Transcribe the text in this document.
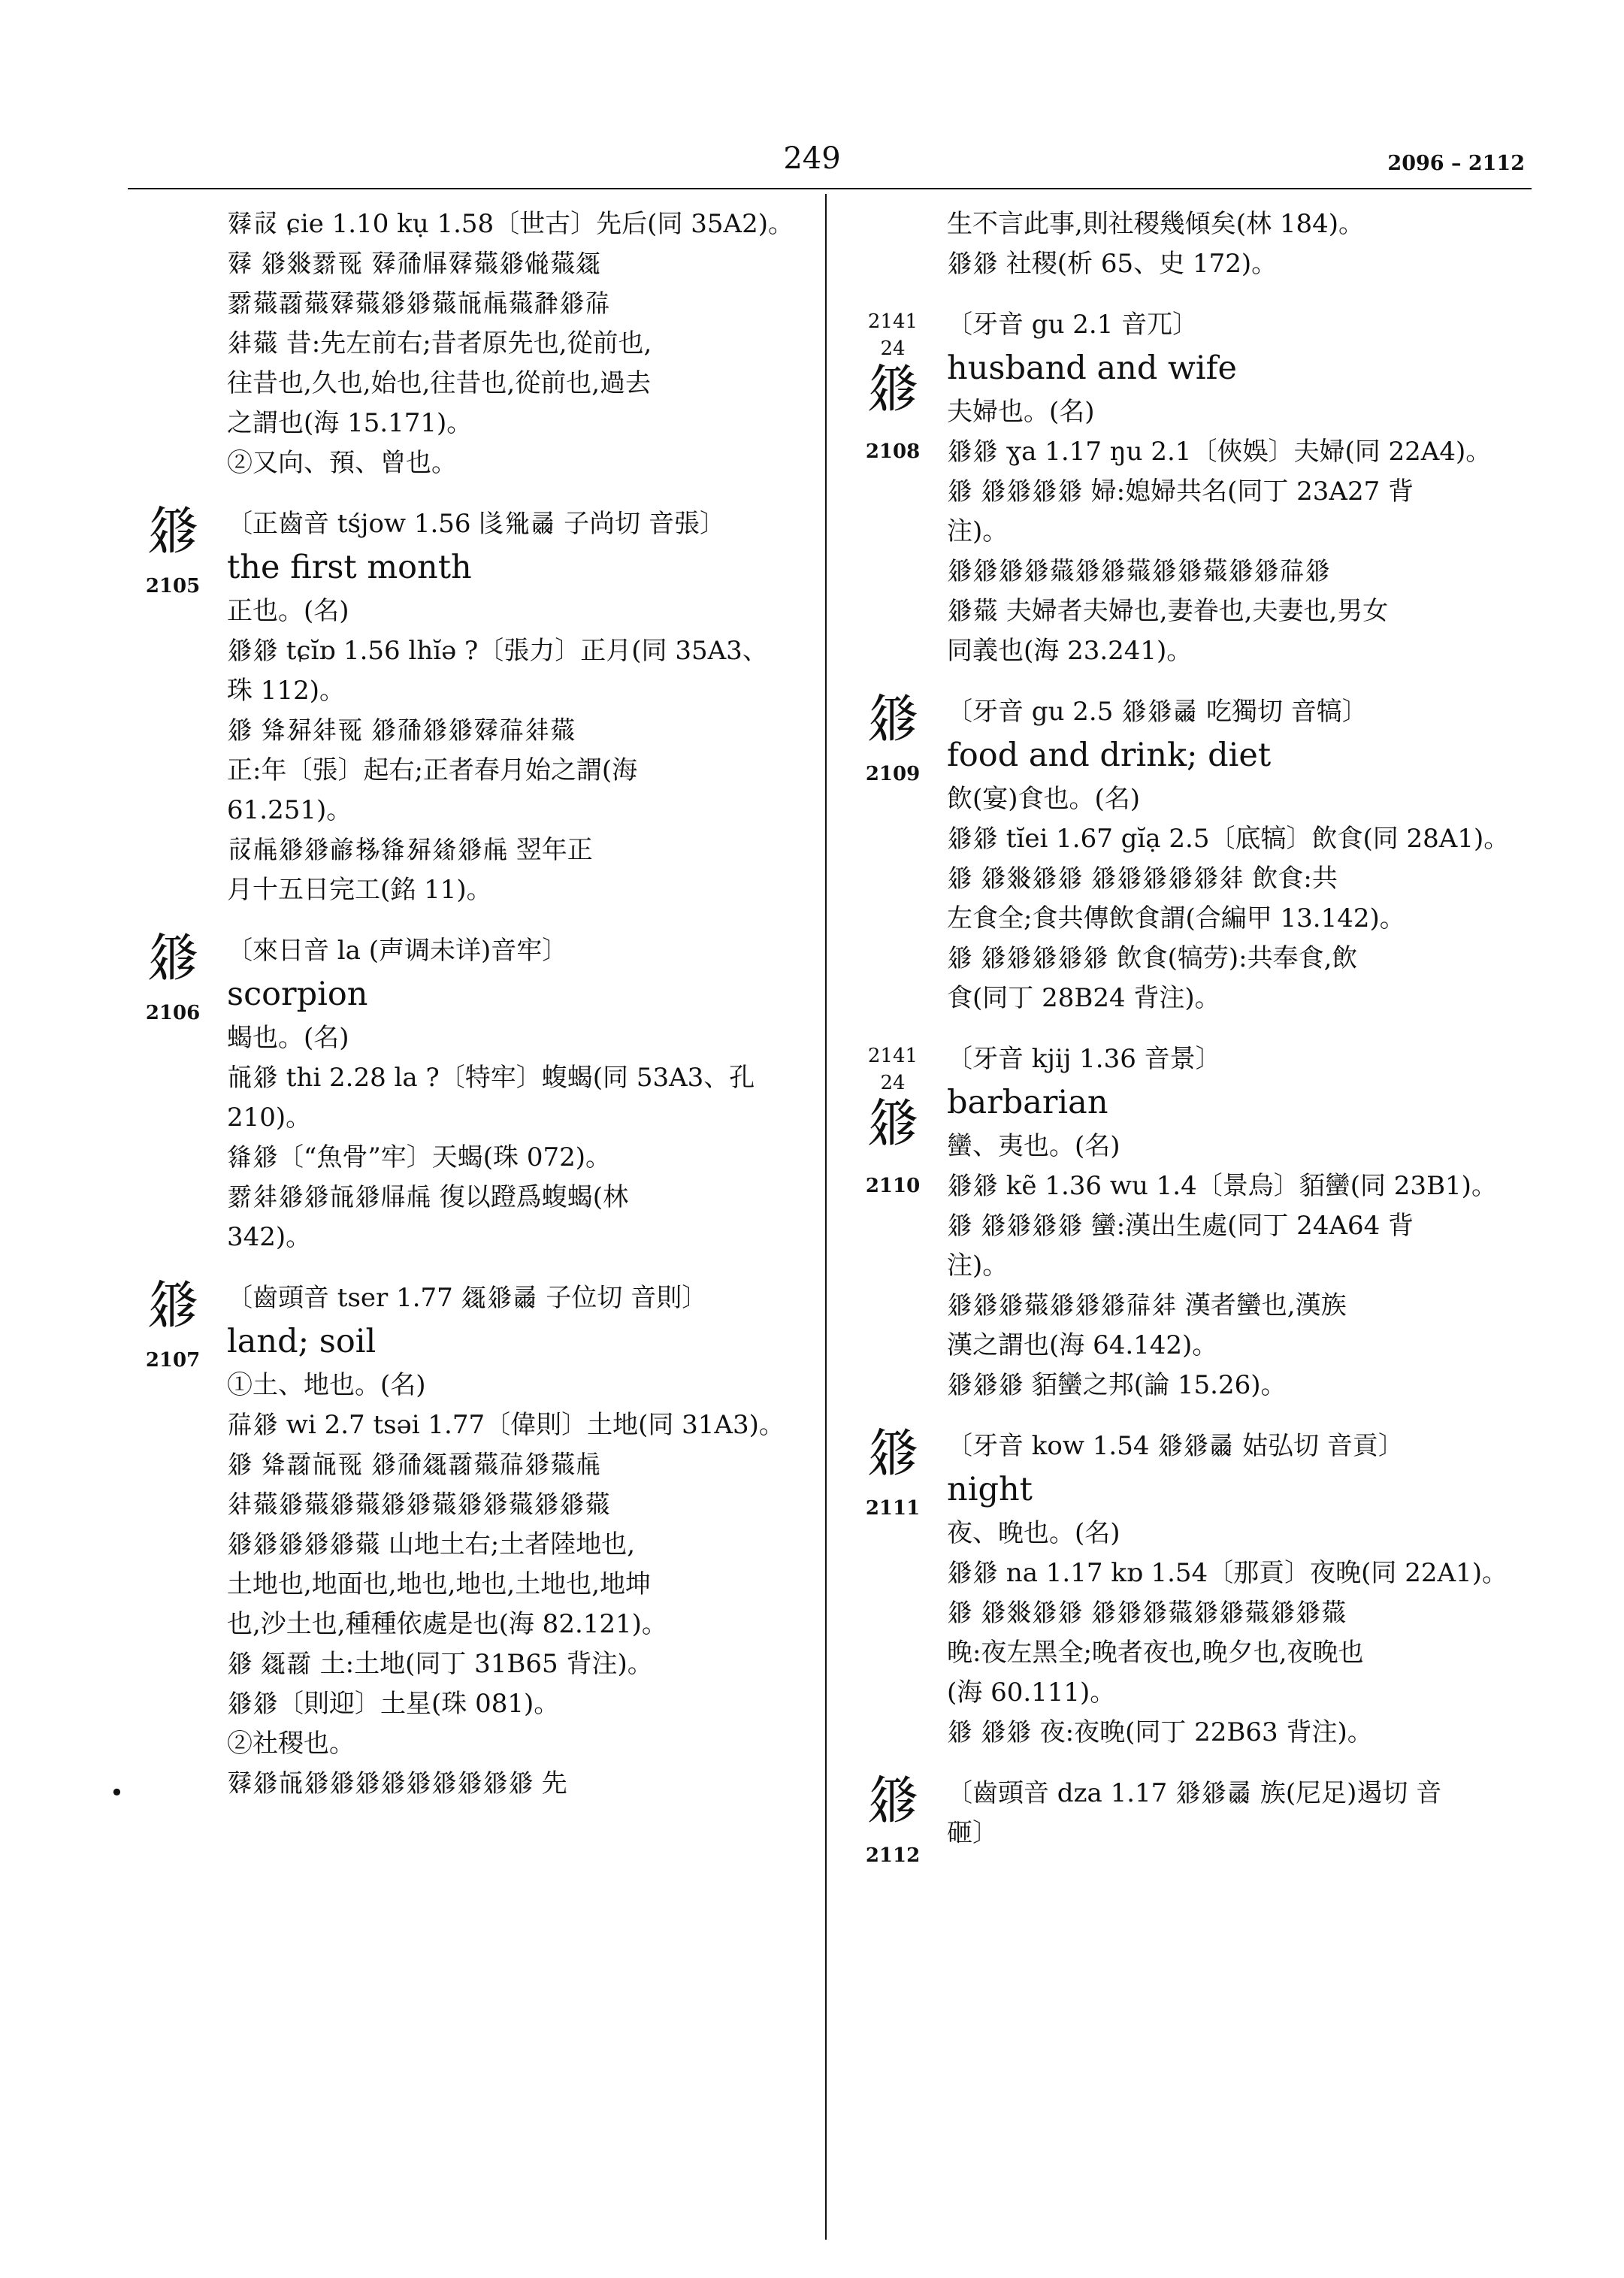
249	2096 – 2112
𗸯𗙮 ɕie 1.10 kụ 1.58〔世古〕先后(同 35A2)。
𗸯 𗤁𗾟𗴿𗀔 𗸯𗗙𗅁𗸯𗜓𗤁𗃡𗜓𗧯
𗴿𗜓𗵆𗜓𗸯𗜓𗤁𗤁𗜓𗭍𗍫𗜓𗴂𗤁𗗚
𗢳𗜓 昔:先左前右;昔者原先也,從前也,
往昔也,久也,始也,往昔也,從前也,過去
之謂也(海 15.171)。
②又向、預、曾也。
𗤁
2105
〔正齒音 tśjow 1.56 𗁅𗊴𗰭 子尚切 音張〕
the first month
正也。(名)
𗤁𗤁 tɕĭɒ 1.56 lhĭə ?〔張力〕正月(同 35A3、
珠 112)。
𗤁 𗊲𗉘𗢳𗀔 𗤁𗗙𗤁𗤁𗸯𗗚𗢳𗜓
正:年〔張〕起右;正者春月始之謂(海
61.251)。
𗙮𗍫𗤁𗤁𗑗𗈪𗌭𗉘𗦳𗤁𗍫 翌年正
月十五日完工(銘 11)。
𗤁
2106
〔來日音 la (声调未详)音牢〕
scorpion
蝎也。(名)
𗭍𗤁 thi 2.28 la ?〔特牢〕蝮蝎(同 53A3、孔
210)。
𗌭𗤁〔“魚骨”牢〕天蝎(珠 072)。
𗴿𗢳𗤁𗤁𗭍𗤁𗅁𗍫 復以蹬爲蝮蝎(林
342)。
𗤁
2107
〔齒頭音 tser 1.77 𗧯𗤁𗰭 子位切 音則〕
land; soil
①土、地也。(名)
𗗚𗤁 wi 2.7 tsəi 1.77〔偉則〕土地(同 31A3)。
𗤁 𗊲𗵆𗭍𗀔 𗤁𗗙𗧯𗵆𗜓𗗚𗤁𗜓𗍫
𗢳𗜓𗤁𗜓𗤁𗜓𗤁𗤁𗜓𗤁𗤁𗜓𗤁𗤁𗜓
𗤁𗤁𗤁𗤁𗤁𗜓 山地土右;土者陸地也,
土地也,地面也,地也,地也,土地也,地坤
也,沙土也,種種依處是也(海 82.121)。
𗤁 𗧯𗵆 土:土地(同丁 31B65 背注)。
𗤁𗤁〔則迎〕土星(珠 081)。
②社稷也。
•	𗸯𗤁𗭍𗤁𗤁𗤁𗤁𗤁𗤁𗤁𗤁𗤁 先
生不言此事,則社稷幾傾矣(林 184)。
𗤁𗤁 社稷(析 65、史 172)。
2141
24
𗤁
2108
〔牙音 gu 2.1 音兀〕
husband and wife
夫婦也。(名)
𗤁𗤁 ɣa 1.17 ŋu 2.1〔俠娛〕夫婦(同 22A4)。
𗤁 𗤁𗤁𗤁𗤁 婦:媳婦共名(同丁 23A27 背
注)。
𗤁𗤁𗤁𗤁𗜓𗤁𗤁𗜓𗤁𗤁𗜓𗤁𗤁𗗚𗤁
𗤁𗜓 夫婦者夫婦也,妻眷也,夫妻也,男女
同義也(海 23.241)。
𗤁
2109
〔牙音 gu 2.5 𗤁𗤁𗰭 吃獨切 音犒〕
food and drink; diet
飲(宴)食也。(名)
𗤁𗤁 tĭei 1.67 gĭạ 2.5〔底犒〕飲食(同 28A1)。
𗤁 𗤁𗾟𗤁𗤁 𗤁𗤁𗤁𗤁𗤁𗢳 飲食:共
左食全;食共傳飲食謂(合編甲 13.142)。
𗤁 𗤁𗤁𗤁𗤁𗤁 飲食(犒劳):共奉食,飲
食(同丁 28B24 背注)。
2141
24
𗤁
2110
〔牙音 kjij 1.36 音景〕
barbarian
蠻、夷也。(名)
𗤁𗤁 kẽ 1.36 wu 1.4〔景烏〕貊蠻(同 23B1)。
𗤁 𗤁𗤁𗤁𗤁 蠻:漢出生處(同丁 24A64 背
注)。
𗤁𗤁𗤁𗜓𗤁𗤁𗤁𗗚𗢳 漢者蠻也,漢族
漢之謂也(海 64.142)。
𗤁𗤁𗤁 貊蠻之邦(論 15.26)。
𗤁
2111
〔牙音 kow 1.54 𗤁𗤁𗰭 姑弘切 音貢〕
night
夜、晚也。(名)
𗤁𗤁 na 1.17 kɒ 1.54〔那貢〕夜晚(同 22A1)。
𗤁 𗤁𗾟𗤁𗤁 𗤁𗤁𗤁𗜓𗤁𗤁𗜓𗤁𗤁𗜓
晚:夜左黑全;晚者夜也,晚夕也,夜晚也
(海 60.111)。
𗤁 𗤁𗤁 夜:夜晚(同丁 22B63 背注)。
𗤁
2112
〔齒頭音 dza 1.17 𗤁𗤁𗰭 族(尼足)遏切 音
砸〕
